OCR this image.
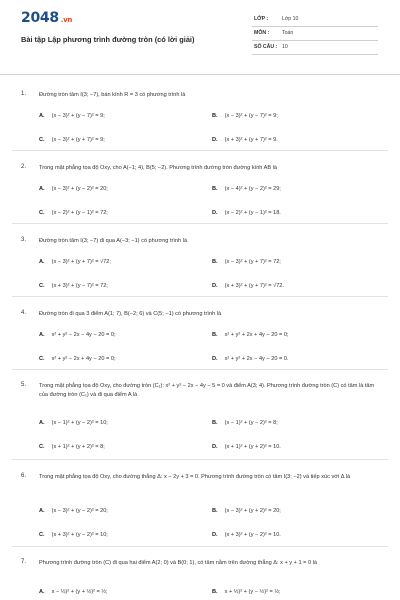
2048 .vn
Bài tập Lập phương trình đường tròn (có lời giải)
LỚP :	Lớp 10
MÔN : Toán
SỐ CÂU : 10
1. Đường tròn tâm I(3; −7), bán kính R = 3 có phương trình là
A. (x − 3)² + (y − 7)² = 9;	B. (x − 3)² + (y − 7)² = 9;
C. (x − 3)² + (y + 7)² = 9;	D. (x + 3)² + (y + 7)² = 9.
2. Trong mặt phẳng tọa độ Oxy, cho A(−1; 4), B(5; −2). Phương trình đường tròn đường kính AB là
A. (x − 3)² + (y − 2)² = 20;	B. (x − 4)² + (y − 2)² = 29;
C. (x − 2)² + (y − 1)² = 72;	D. (x − 2)² + (y − 1)² = 18.
3. Đường tròn tâm I(3; −7) đi qua A(−3; −1) có phương trình là
A. (x − 3)² + (y + 7)² = √72;	B. (x − 3)² + (y + 7)² = 72;
C. (x + 3)² + (y − 7)² = 72;	D. (x + 3)² + (y + 7)² = √72.
4. Đường tròn đi qua 3 điểm A(1; 7), B(−2; 6) và C(5; −1) có phương trình là
A. x² + y² − 2x − 4y − 20 = 0;	B. x² + y² + 2x + 4y − 20 = 0;
C. x² + y² − 2x + 4y − 20 = 0;	D. x² + y² + 2x − 4y − 20 = 0.
5. Trong mặt phẳng tọa độ Oxy, cho đường tròn (C₁): x² + y² − 2x − 4y − 5 = 0 và điểm A(3; 4). Phương trình đường tròn (C) có tâm là tâm của đường tròn (C₁) và đi qua điểm A là
A. (x − 1)² + (y − 2)² = 10;	B. (x − 1)² + (y − 2)² = 8;
C. (x + 1)² + (y + 2)² = 8;	D. (x + 1)² + (y + 2)² = 10.
6. Trong mặt phẳng tọa độ Oxy, cho đường thẳng Δ: x − 2y + 3 = 0. Phương trình đường tròn có tâm I(3; −2) và tiếp xúc với Δ là
A. (x − 3)² + (y − 2)² = 20;	B. (x − 3)² + (y + 2)² = 20;
C. (x + 3)² + (y − 2)² = 10;	D. (x + 3)² + (y − 2)² = 10.
7. Phương trình đường tròn (C) đi qua hai điểm A(2; 0) và B(0; 1), có tâm nằm trên đường thẳng Δ: x + y + 1 = 0 là
A. x − ½)² + (y + ½)² = ½;	B. x + ½)² + (y − ½)² = ½;
